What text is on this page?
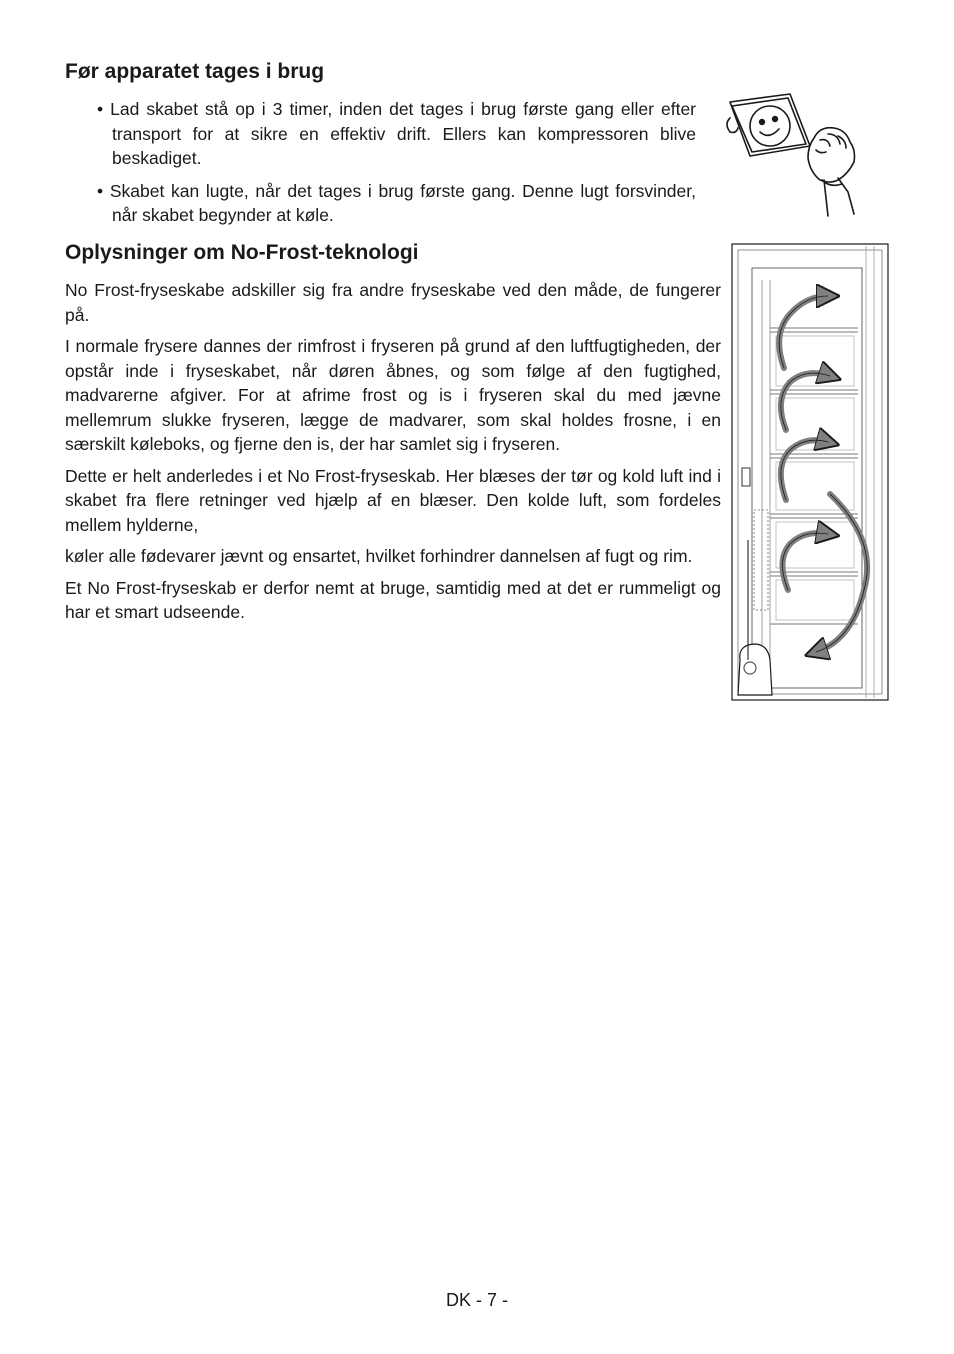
Før apparatet tages i brug
• Lad skabet stå op i 3 timer, inden det tages i brug første gang eller efter transport for at sikre en effektiv drift. Ellers kan kompressoren blive beskadiget.
• Skabet kan lugte, når det tages i brug første gang. Denne lugt forsvinder, når skabet begynder at køle.
Oplysninger om No-Frost-teknologi

No Frost-fryseskabe adskiller sig fra andre fryseskabe ved den måde, de fungerer på.

I normale frysere dannes der rimfrost i fryseren på grund af den luftfugtigheden, der opstår inde i fryseskabet, når døren åbnes, og som følge af den fugtighed, madvarerne afgiver. For at afrime frost og is i fryseren skal du med jævne mellemrum slukke fryseren, lægge de madvarer, som skal holdes frosne, i en særskilt køleboks, og fjerne den is, der har samlet sig i fryseren.

Dette er helt anderledes i et No Frost-fryseskab. Her blæses der tør og kold luft ind i skabet fra flere retninger ved hjælp af en blæser. Den kolde luft, som fordeles mellem hylderne,

køler alle fødevarer jævnt og ensartet, hvilket forhindrer dannelsen af fugt og rim.

Et No Frost-fryseskab er derfor nemt at bruge, samtidig med at det er rummeligt og har et smart udseende.

DK - 7 -
